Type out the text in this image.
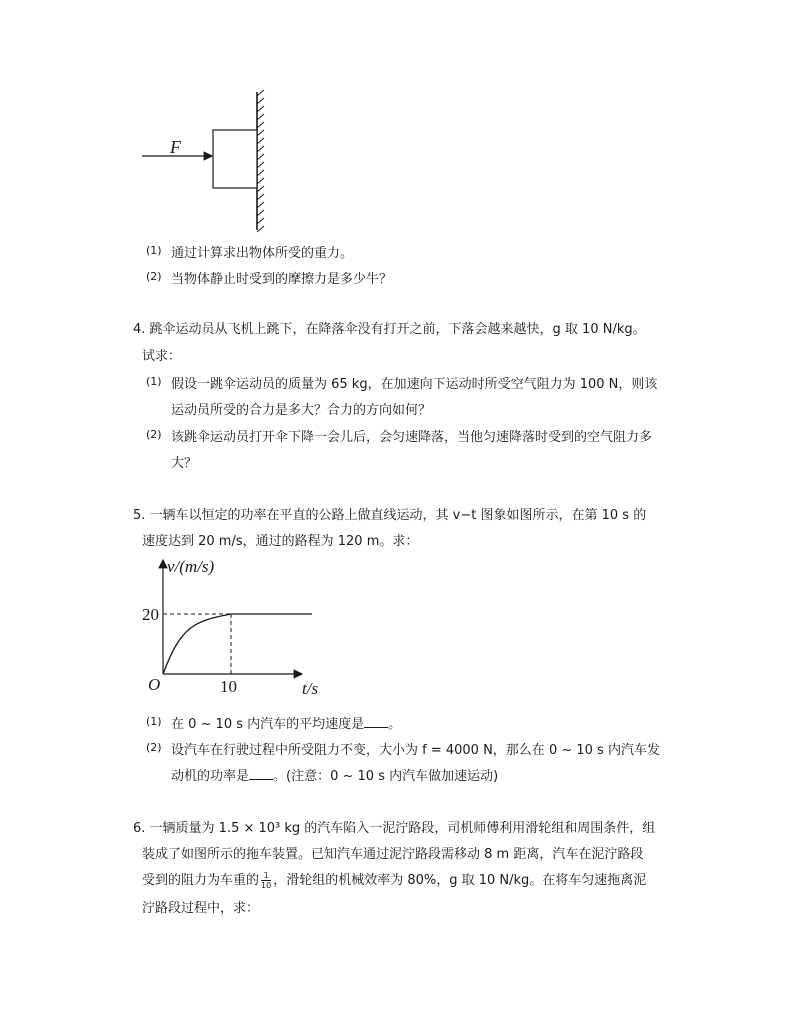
F
(1) 通过计算求出物体所受的重力。
(2) 当物体静止时受到的摩擦力是多少牛？
4. 跳伞运动员从飞机上跳下，在降落伞没有打开之前，下落会越来越快，g 取 10 N/kg。
试求：
(1) 假设一跳伞运动员的质量为 65 kg，在加速向下运动时所受空气阻力为 100 N，则该
运动员所受的合力是多大？合力的方向如何？
(2) 该跳伞运动员打开伞下降一会儿后，会匀速降落，当他匀速降落时受到的空气阻力多
大？
5. 一辆车以恒定的功率在平直的公路上做直线运动，其 v−t 图象如图所示，在第 10 s 的
速度达到 20 m/s，通过的路程为 120 m。求：
v/(m/s)
20
O	10	t/s
(1) 在 0 ~ 10 s 内汽车的平均速度是 。
(2) 设汽车在行驶过程中所受阻力不变，大小为 f = 4000 N，那么在 0 ~ 10 s 内汽车发
动机的功率是 。(注意：0 ~ 10 s 内汽车做加速运动)
6. 一辆质量为 1.5 × 10³ kg 的汽车陷入一泥泞路段，司机师傅利用滑轮组和周围条件，组
装成了如图所示的拖车装置。已知汽车通过泥泞路段需移动 8 m 距离，汽车在泥泞路段
受到的阻力为车重的 $\frac{1}{10}$ ，滑轮组的机械效率为 80%，g 取 10 N/kg。在将车匀速拖离泥
泞路段过程中，求：
